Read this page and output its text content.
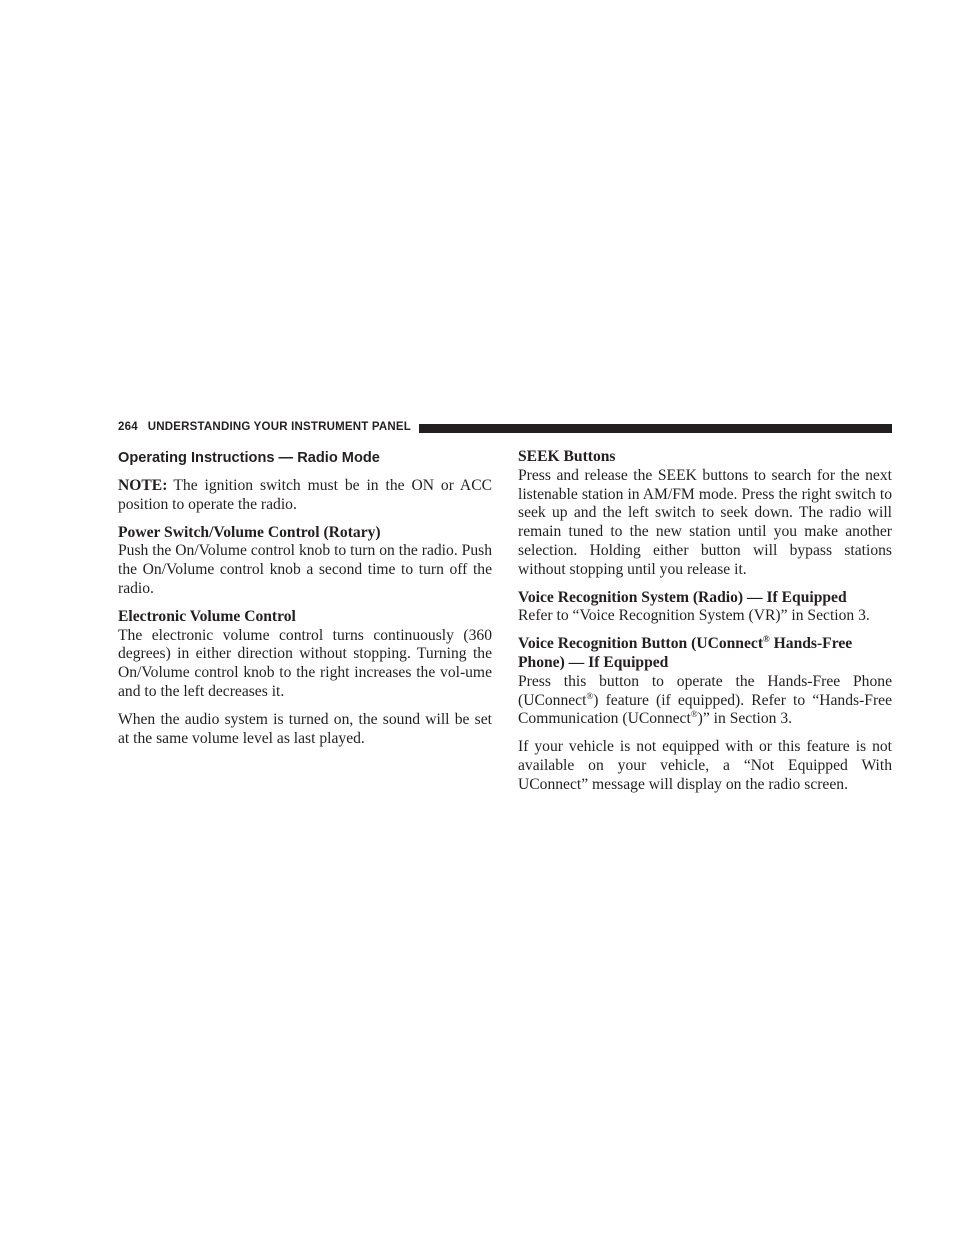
264 UNDERSTANDING YOUR INSTRUMENT PANEL
Operating Instructions — Radio Mode

NOTE: The ignition switch must be in the ON or ACC position to operate the radio.

Power Switch/Volume Control (Rotary)

Push the On/Volume control knob to turn on the radio. Push the On/Volume control knob a second time to turn off the radio.

Electronic Volume Control

The electronic volume control turns continuously (360 degrees) in either direction without stopping. Turning the On/Volume control knob to the right increases the vol-ume and to the left decreases it.

When the audio system is turned on, the sound will be set at the same volume level as last played.

SEEK Buttons

Press and release the SEEK buttons to search for the next listenable station in AM/FM mode. Press the right switch to seek up and the left switch to seek down. The radio will remain tuned to the new station until you make another selection. Holding either button will bypass stations without stopping until you release it.

Voice Recognition System (Radio) — If Equipped

Refer to “Voice Recognition System (VR)” in Section 3.

Voice Recognition Button (UConnect® Hands-Free Phone) — If Equipped

Press this button to operate the Hands-Free Phone (UConnect®) feature (if equipped). Refer to “Hands-Free Communication (UConnect®)” in Section 3.

If your vehicle is not equipped with or this feature is not available on your vehicle, a “Not Equipped With UConnect” message will display on the radio screen.
